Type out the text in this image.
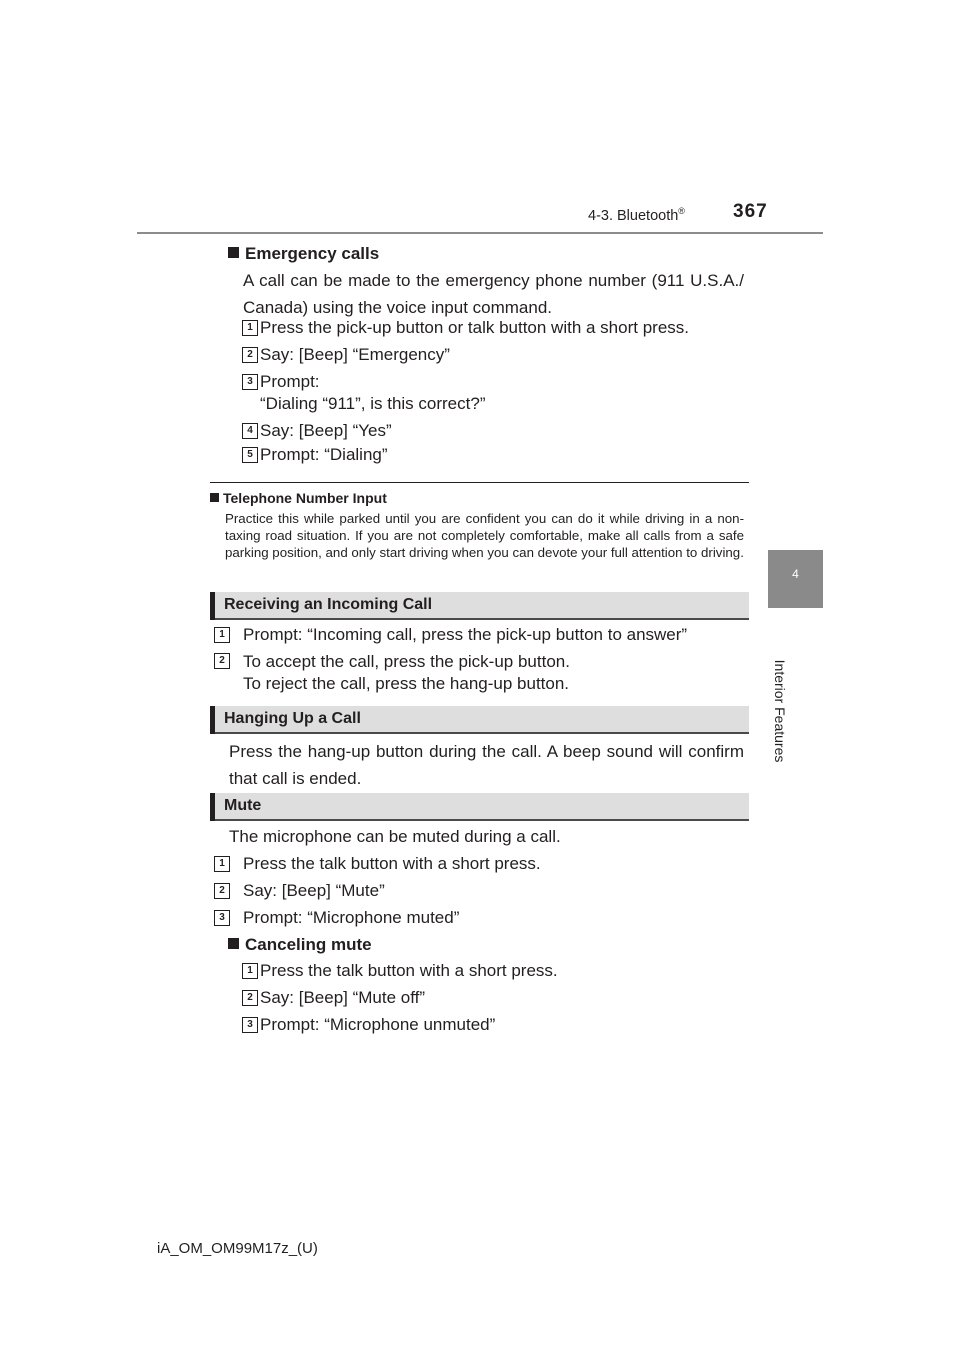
4-3. Bluetooth®	367
4
Interior Features
Emergency calls
A call can be made to the emergency phone number (911 U.S.A./ Canada) using the voice input command.
1 Press the pick-up button or talk button with a short press.
2 Say: [Beep] “Emergency”
3 Prompt:
“Dialing “911”, is this correct?”
4 Say: [Beep] “Yes”
5 Prompt: “Dialing”
Telephone Number Input
Practice this while parked until you are confident you can do it while driving in a non-taxing road situation. If you are not completely comfortable, make all calls from a safe parking position, and only start driving when you can devote your full attention to driving.
Receiving an Incoming Call
1	Prompt: “Incoming call, press the pick-up button to answer”
2	To accept the call, press the pick-up button.
To reject the call, press the hang-up button.
Hanging Up a Call
Press the hang-up button during the call. A beep sound will confirm that call is ended.
Mute
The microphone can be muted during a call.
1	Press the talk button with a short press.
2	Say: [Beep] “Mute”
3	Prompt: “Microphone muted”
Canceling mute
1 Press the talk button with a short press.
2 Say: [Beep] “Mute off”
3 Prompt: “Microphone unmuted”
iA_OM_OM99M17z_(U)
